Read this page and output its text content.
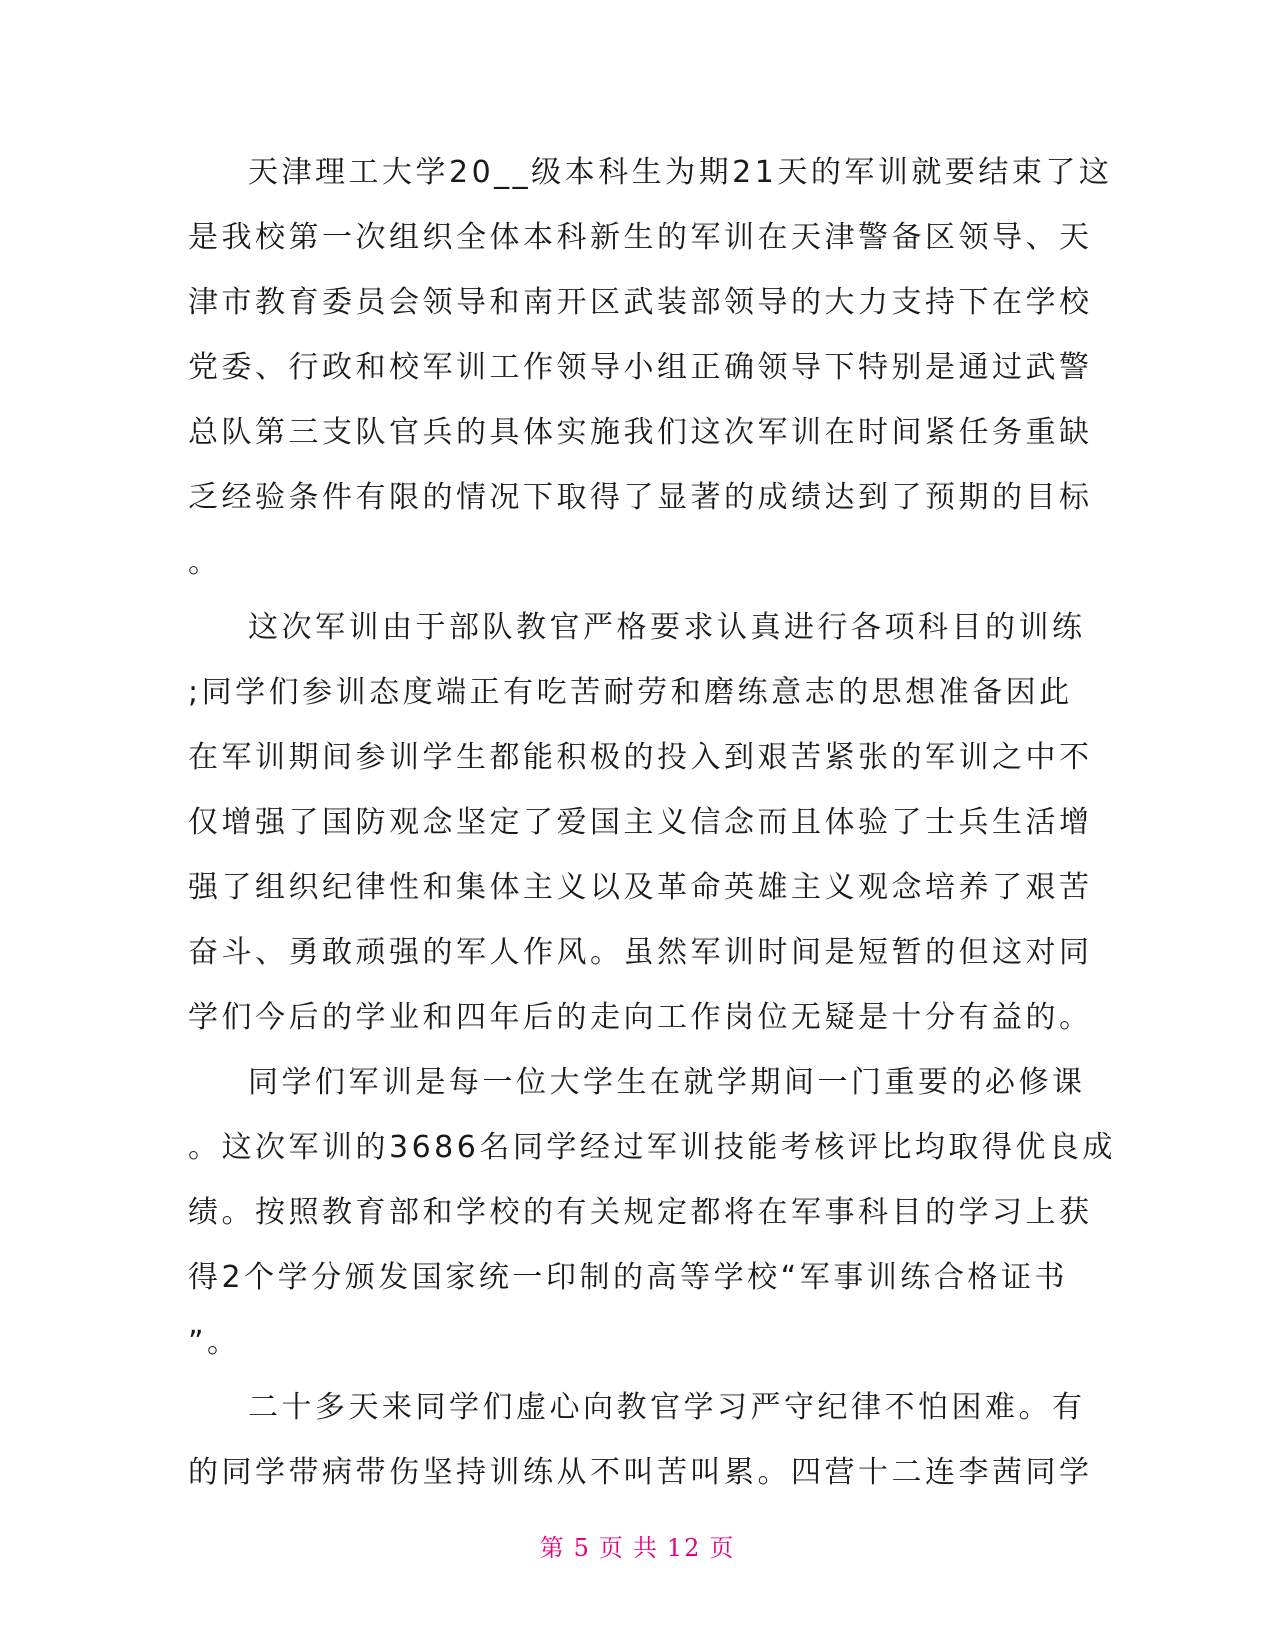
天津理工大学20__级本科生为期21天的军训就要结束了这
是我校第一次组织全体本科新生的军训在天津警备区领导、天
津市教育委员会领导和南开区武装部领导的大力支持下在学校
党委、行政和校军训工作领导小组正确领导下特别是通过武警
总队第三支队官兵的具体实施我们这次军训在时间紧任务重缺
乏经验条件有限的情况下取得了显著的成绩达到了预期的目标
。
这次军训由于部队教官严格要求认真进行各项科目的训练
;同学们参训态度端正有吃苦耐劳和磨练意志的思想准备因此
在军训期间参训学生都能积极的投入到艰苦紧张的军训之中不
仅增强了国防观念坚定了爱国主义信念而且体验了士兵生活增
强了组织纪律性和集体主义以及革命英雄主义观念培养了艰苦
奋斗、勇敢顽强的军人作风。虽然军训时间是短暂的但这对同
学们今后的学业和四年后的走向工作岗位无疑是十分有益的。
同学们军训是每一位大学生在就学期间一门重要的必修课
。这次军训的3686名同学经过军训技能考核评比均取得优良成
绩。按照教育部和学校的有关规定都将在军事科目的学习上获
得2个学分颁发国家统一印制的高等学校“军事训练合格证书
”。
二十多天来同学们虚心向教官学习严守纪律不怕困难。有
的同学带病带伤坚持训练从不叫苦叫累。四营十二连李茜同学
第 5 页 共 12 页
